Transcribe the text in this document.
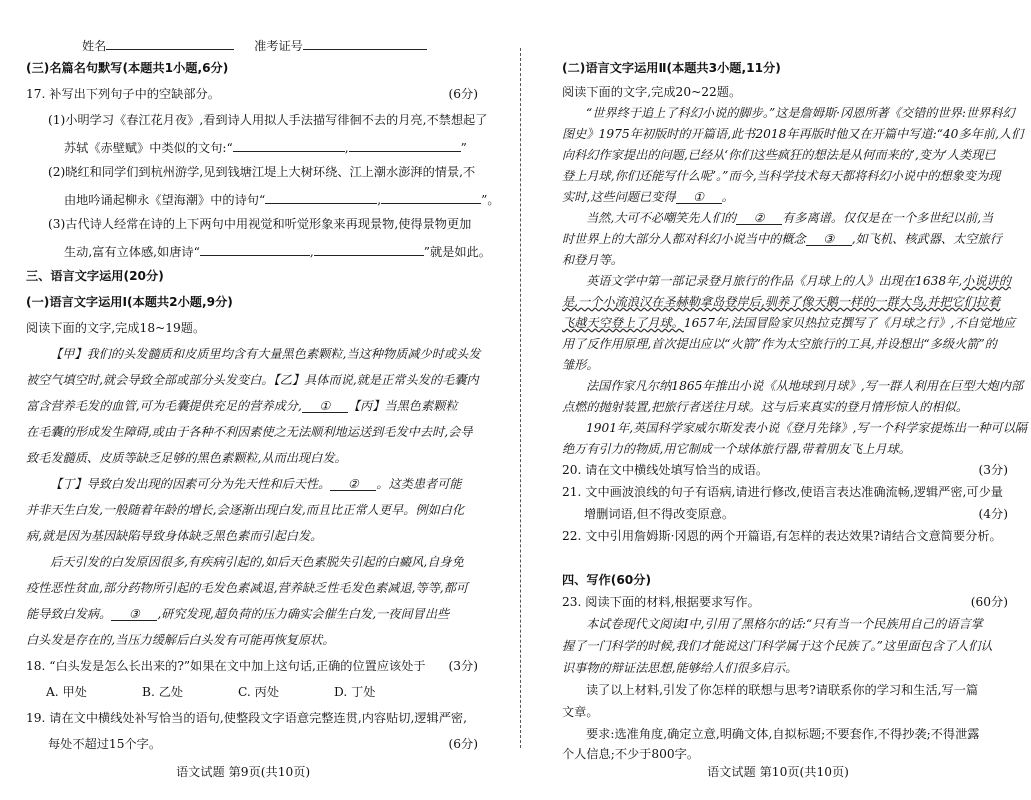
姓名	准考证号
(三)名篇名句默写(本题共1小题,6分)
17. 补写出下列句子中的空缺部分。	(6分)
(1)小明学习《春江花月夜》,看到诗人用拟人手法描写徘徊不去的月亮,不禁想起了
苏轼《赤壁赋》中类似的文句:“	,	”
(2)晓红和同学们到杭州游学,见到钱塘江堤上大树环绕、江上潮水澎湃的情景,不
由地吟诵起柳永《望海潮》中的诗句“	,	”。
(3)古代诗人经常在诗的上下两句中用视觉和听觉形象来再现景物,使得景物更加
生动,富有立体感,如唐诗“	,	”就是如此。
三、语言文字运用(20分)
(一)语言文字运用Ⅰ(本题共2小题,9分)
阅读下面的文字,完成18~19题。
【甲】我们的头发髓质和皮质里均含有大量黑色素颗粒,当这种物质减少时或头发
被空气填空时,就会导致全部或部分头发变白。【乙】具体而说,就是正常头发的毛囊内
富含营养毛发的血管,可为毛囊提供充足的营养成分, ① 【丙】当黑色素颗粒
在毛囊的形成发生障碍,或由于各种不利因素使之无法顺利地运送到毛发中去时,会导
致毛发髓质、皮质等缺乏足够的黑色素颗粒,从而出现白发。
【丁】导致白发出现的因素可分为先天性和后天性。 ② 。这类患者可能
并非天生白发,一般随着年龄的增长,会逐渐出现白发,而且比正常人更早。例如白化
病,就是因为基因缺陷导致身体缺乏黑色素而引起白发。
后天引发的白发原因很多,有疾病引起的,如后天色素脱失引起的白癜风,自身免
疫性恶性贫血,部分药物所引起的毛发色素减退,营养缺乏性毛发色素减退,等等,都可
能导致白发病。 ③ ,研究发现,超负荷的压力确实会催生白发,一夜间冒出些
白头发是存在的,当压力缓解后白头发有可能再恢复原状。
18. “白头发是怎么长出来的?”如果在文中加上这句话,正确的位置应该处于 (3分)
A. 甲处	B. 乙处	C. 丙处	D. 丁处
19. 请在文中横线处补写恰当的语句,使整段文字语意完整连贯,内容贴切,逻辑严密,
每处不超过15个字。	(6分)
语文试题 第9页(共10页)
(二)语言文字运用Ⅱ(本题共3小题,11分)
阅读下面的文字,完成20~22题。
“世界终于追上了科幻小说的脚步。”这是詹姆斯·冈恩所著《交错的世界:世界科幻
图史》1975年初版时的开篇语,此书2018年再版时他又在开篇中写道:“40多年前,人们
向科幻作家提出的问题,已经从‘你们这些疯狂的想法是从何而来的’,变为‘人类现已
登上月球,你们还能写什么呢’。”而今,当科学技术每天都将科幻小说中的想象变为现
实时,这些问题已变得 ① 。
当然,大可不必嘲笑先人们的 ② 有多离谱。仅仅是在一个多世纪以前,当
时世界上的大部分人都对科幻小说当中的概念 ③ ,如飞机、核武器、太空旅行
和登月等。
英语文学中第一部记录登月旅行的作品《月球上的人》出现在1638年,小说讲的
是,一个小流浪汉在圣赫勒拿岛登岸后,驯养了像天鹅一样的一群大鸟,并把它们拉着
飞越天空登上了月球。1657年,法国冒险家贝热拉克撰写了《月球之行》,不自觉地应
用了反作用原理,首次提出应以“火箭”作为太空旅行的工具,并设想出“多级火箭”的
雏形。
法国作家凡尔纳1865年推出小说《从地球到月球》,写一群人利用在巨型大炮内部
点燃的抛射装置,把旅行者送往月球。这与后来真实的登月情形惊人的相似。
1901年,英国科学家威尔斯发表小说《登月先锋》,写一个科学家提炼出一种可以隔
绝万有引力的物质,用它制成一个球体旅行器,带着朋友飞上月球。
20. 请在文中横线处填写恰当的成语。	(3分)
21. 文中画波浪线的句子有语病,请进行修改,使语言表达准确流畅,逻辑严密,可少量
增删词语,但不得改变原意。	(4分)
22. 文中引用詹姆斯·冈恩的两个开篇语,有怎样的表达效果?请结合文意简要分析。
四、写作(60分)
23. 阅读下面的材料,根据要求写作。	(60分)
本试卷现代文阅读Ⅰ中,引用了黑格尔的话:“只有当一个民族用自己的语言掌
握了一门科学的时候,我们才能说这门科学属于这个民族了。”这里面包含了人们认
识事物的辩证法思想,能够给人们很多启示。
读了以上材料,引发了你怎样的联想与思考?请联系你的学习和生活,写一篇
文章。
要求:选准角度,确定立意,明确文体,自拟标题;不要套作,不得抄袭;不得泄露
个人信息;不少于800字。
语文试题 第10页(共10页)
